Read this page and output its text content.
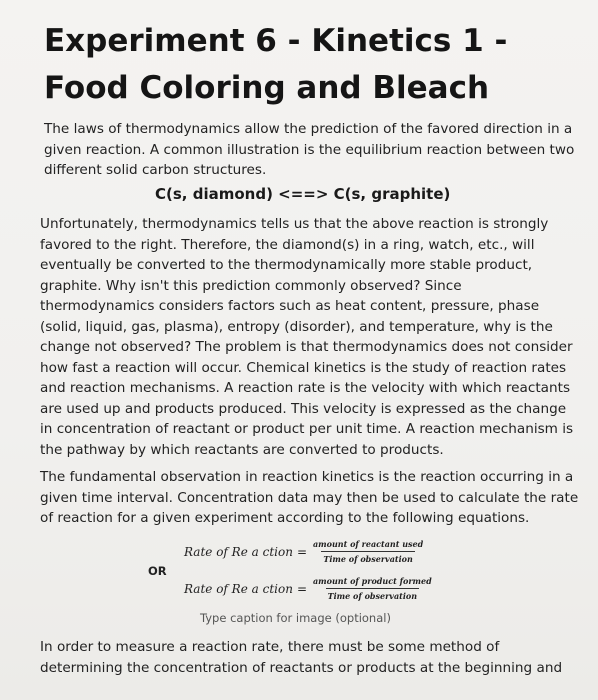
Experiment 6 - Kinetics 1 -
Food Coloring and Bleach

The laws of thermodynamics allow the prediction of the favored direction in a
given reaction. A common illustration is the equilibrium reaction between two
different solid carbon structures.

C(s, diamond) <==> C(s, graphite)

Unfortunately, thermodynamics tells us that the above reaction is strongly
favored to the right. Therefore, the diamond(s) in a ring, watch, etc., will
eventually be converted to the thermodynamically more stable product,
graphite. Why isn't this prediction commonly observed? Since
thermodynamics considers factors such as heat content, pressure, phase
(solid, liquid, gas, plasma), entropy (disorder), and temperature, why is the
change not observed? The problem is that thermodynamics does not consider
how fast a reaction will occur. Chemical kinetics is the study of reaction rates
and reaction mechanisms. A reaction rate is the velocity with which reactants
are used up and products produced. This velocity is expressed as the change
in concentration of reactant or product per unit time. A reaction mechanism is
the pathway by which reactants are converted to products.

The fundamental observation in reaction kinetics is the reaction occurring in a
given time interval. Concentration data may then be used to calculate the rate
of reaction for a given experiment according to the following equations.

Rate of Re a ction = $\frac{\text{amount of reactant used}}{\text{Time of observation}}$
OR
Rate of Re a ction = $\frac{\text{amount of product formed}}{\text{Time of observation}}$
Type caption for image (optional)

In order to measure a reaction rate, there must be some method of
determining the concentration of reactants or products at the beginning and
